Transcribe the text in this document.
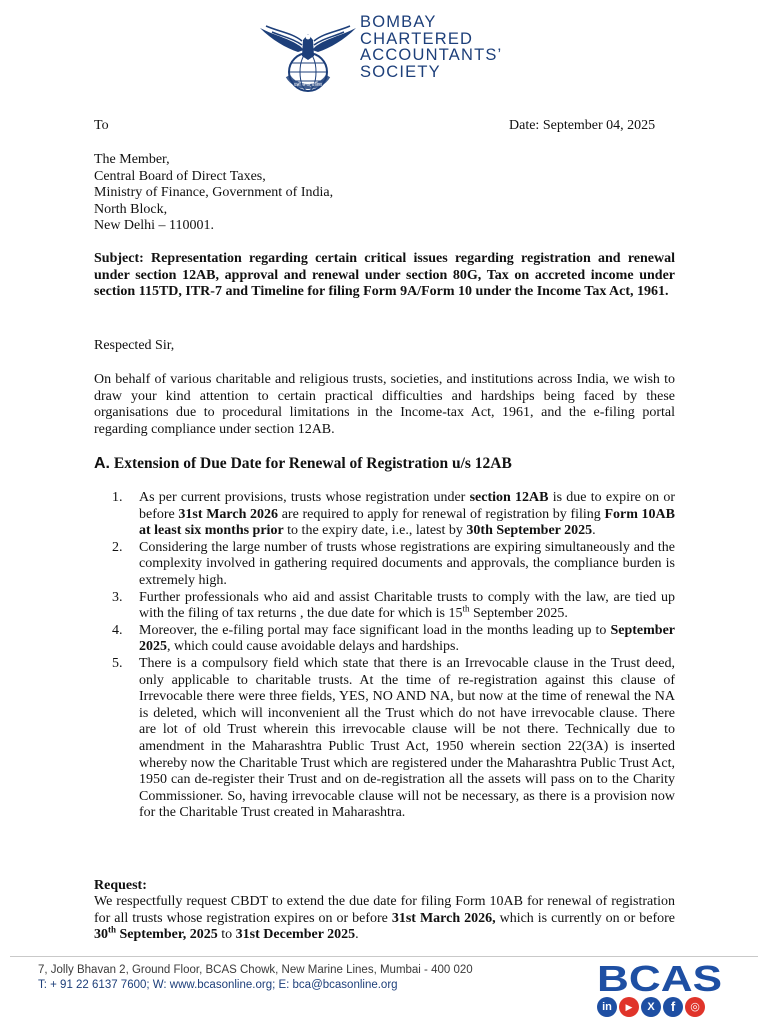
प्रज्ञा जगत् प्रतिष्ठा
BOMBAY
CHARTERED
ACCOUNTANTS’
SOCIETY
To	Date: September 04, 2025
The Member,
Central Board of Direct Taxes,
Ministry of Finance, Government of India,
North Block,
New Delhi – 110001.
Subject: Representation regarding certain critical issues regarding registration and renewal under section 12AB, approval and renewal under section 80G, Tax on accreted income under section 115TD, ITR-7 and Timeline for filing Form 9A/Form 10 under the Income Tax Act, 1961.
Respected Sir,
On behalf of various charitable and religious trusts, societies, and institutions across India, we wish to draw your kind attention to certain practical difficulties and hardships being faced by these organisations due to procedural limitations in the Income-tax Act, 1961, and the e-filing portal regarding compliance under section 12AB.
A. Extension of Due Date for Renewal of Registration u/s 12AB
1. As per current provisions, trusts whose registration under section 12AB is due to expire on or before 31st March 2026 are required to apply for renewal of registration by filing Form 10AB at least six months prior to the expiry date, i.e., latest by 30th September 2025.

2. Considering the large number of trusts whose registrations are expiring simultaneously and the complexity involved in gathering required documents and approvals, the compliance burden is extremely high.

3. Further professionals who aid and assist Charitable trusts to comply with the law, are tied up with the filing of tax returns , the due date for which is 15th September 2025.

4. Moreover, the e-filing portal may face significant load in the months leading up to September 2025, which could cause avoidable delays and hardships.

5. There is a compulsory field which state that there is an Irrevocable clause in the Trust deed, only applicable to charitable trusts. At the time of re-registration against this clause of Irrevocable there were three fields, YES, NO AND NA, but now at the time of renewal the NA is deleted, which will inconvenient all the Trust which do not have irrevocable clause. There are lot of old Trust wherein this irrevocable clause will be not there. Technically due to amendment in the Maharashtra Public Trust Act, 1950 wherein section 22(3A) is inserted whereby now the Charitable Trust which are registered under the Maharashtra Public Trust Act, 1950 can de-register their Trust and on de-registration all the assets will pass on to the Charity Commissioner. So, having irrevocable clause will not be necessary, as there is a provision now for the Charitable Trust created in Maharashtra.

Request:
We respectfully request CBDT to extend the due date for filing Form 10AB for renewal of registration for all trusts whose registration expires on or before 31st March 2026, which is currently on or before 30th September, 2025 to 31st December 2025.
7, Jolly Bhavan 2, Ground Floor, BCAS Chowk, New Marine Lines, Mumbai - 400 020
T: + 91 22 6137 7600; W: www.bcasonline.org; E: bca@bcasonline.org	BCAS
in ▶ X f ◎
